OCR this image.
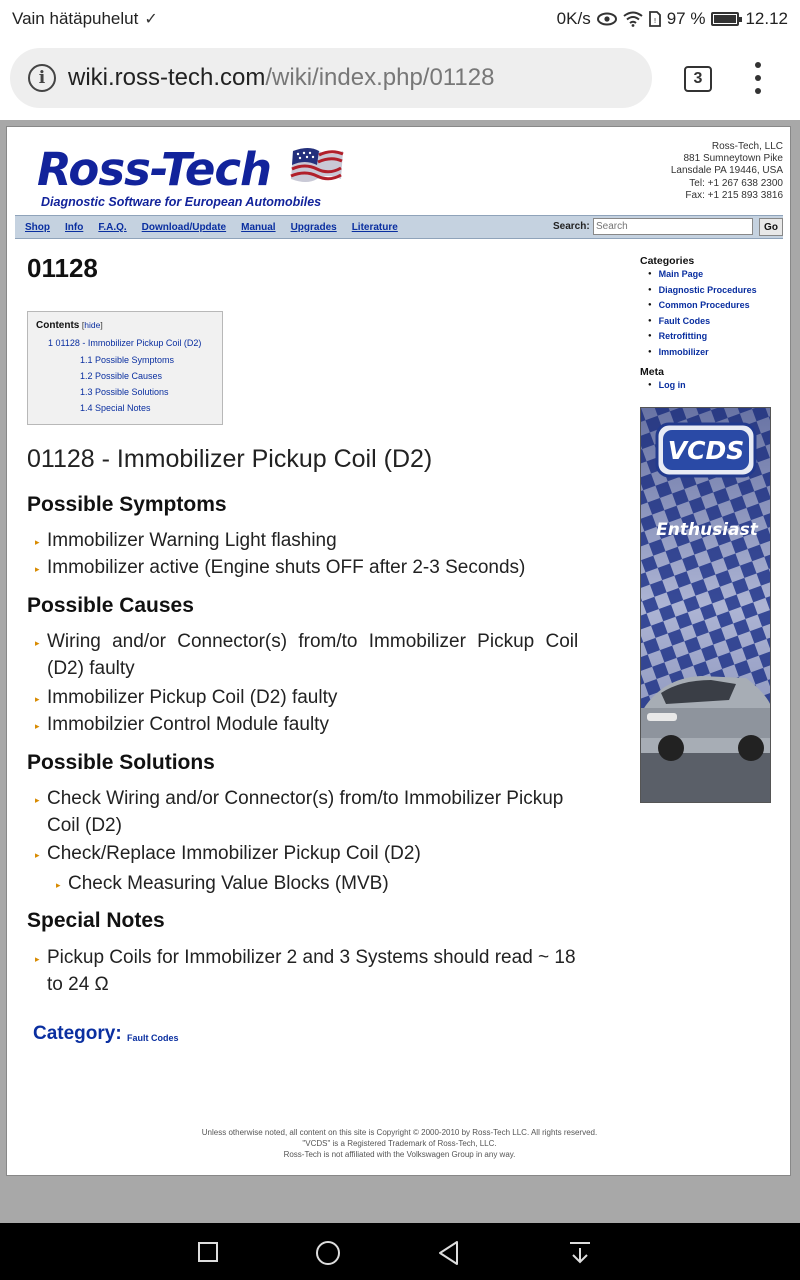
Vain hätäpuhelut ✓	0K/s	! 97 % 12.12
i wiki.ross-tech.com/wiki/index.php/01128	3
Ross-Tech
Diagnostic Software for European Automobiles
Ross-Tech, LLC
881 Sumneytown Pike
Lansdale PA 19446, USA
Tel: +1 267 638 2300
Fax: +1 215 893 3816
Shop Info F.A.Q. Download/Update Manual Upgrades Literature	Search:
Search	Go
01128
Contents [hide]
1 01128 - Immobilizer Pickup Coil (D2)
1.1 Possible Symptoms
1.2 Possible Causes
1.3 Possible Solutions
1.4 Special Notes
01128 - Immobilizer Pickup Coil (D2)
Possible Symptoms
▸ Immobilizer Warning Light flashing
▸ Immobilizer active (Engine shuts OFF after 2-3 Seconds)
Possible Causes
▸ Wiring and/or Connector(s) from/to Immobilizer Pickup Coil
(D2) faulty
▸ Immobilizer Pickup Coil (D2) faulty
▸ Immobilzier Control Module faulty
Possible Solutions
▸ Check Wiring and/or Connector(s) from/to Immobilizer Pickup
Coil (D2)
▸ Check/Replace Immobilizer Pickup Coil (D2)
▸ Check Measuring Value Blocks (MVB)
Special Notes
▸ Pickup Coils for Immobilizer 2 and 3 Systems should read ~ 18
to 24 Ω
Category: Fault Codes
Unless otherwise noted, all content on this site is Copyright © 2000-2010 by Ross-Tech LLC. All rights reserved.
"VCDS" is a Registered Trademark of Ross-Tech, LLC.
Ross-Tech is not affiliated with the Volkswagen Group in any way.
Categories
● Main Page
● Diagnostic Procedures
● Common Procedures
● Fault Codes
● Retrofitting
● Immobilizer
Meta
● Log in
VCDS
Enthusiast
